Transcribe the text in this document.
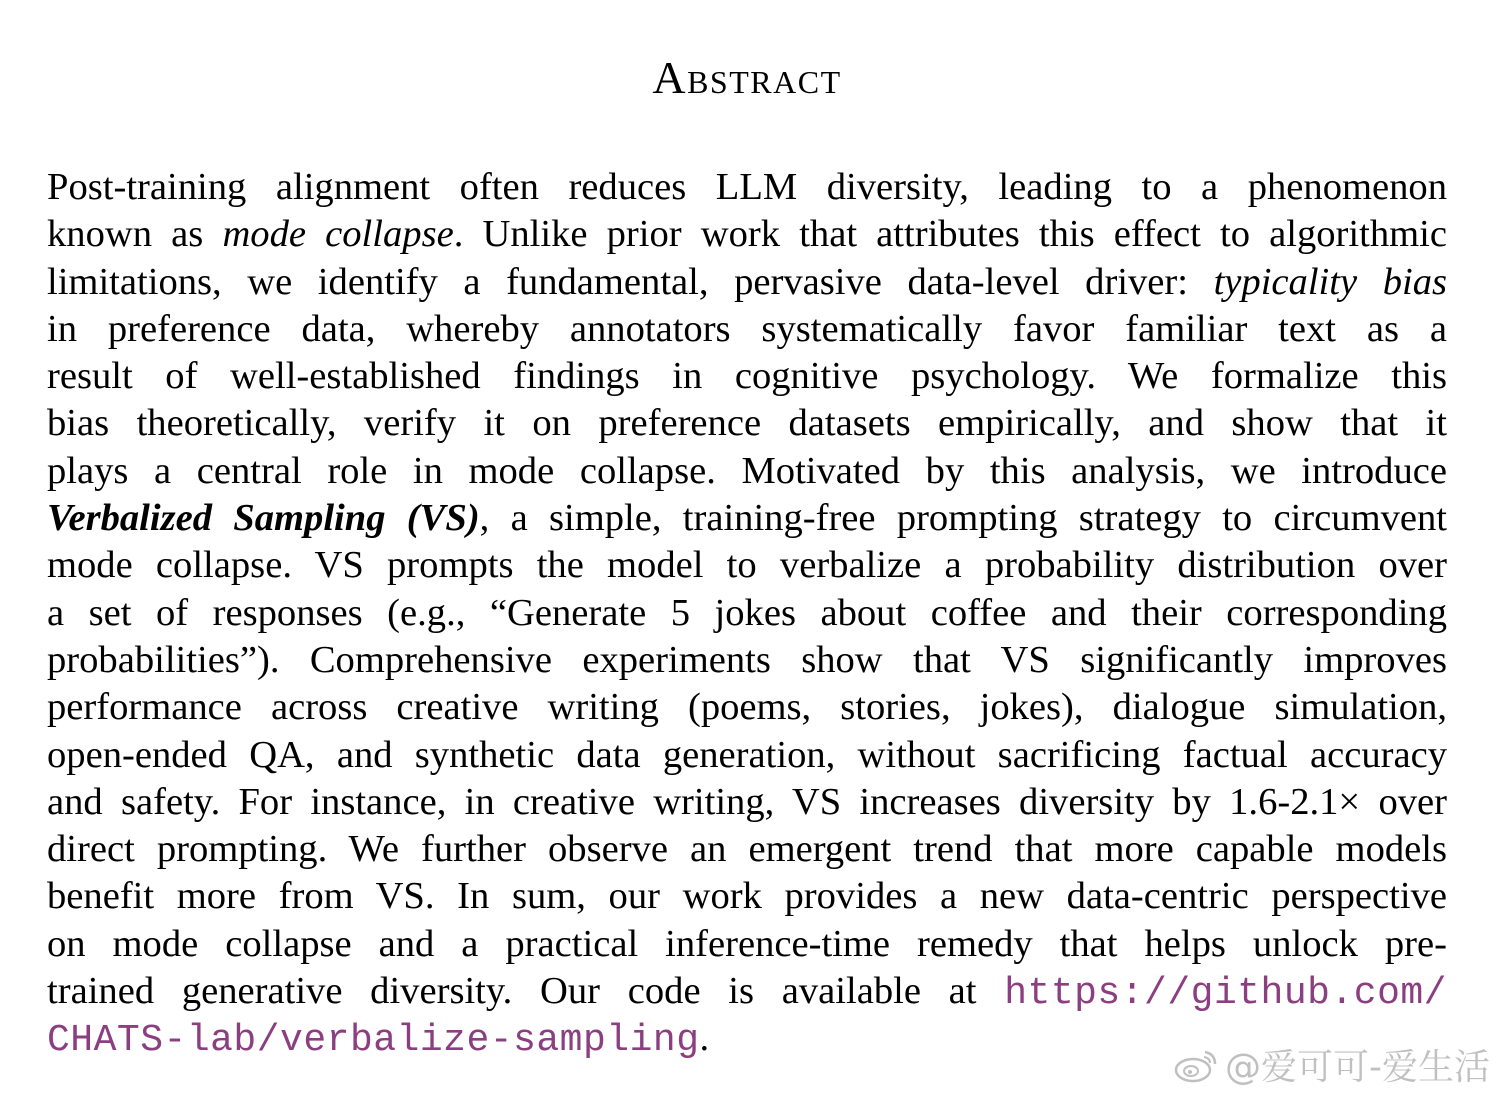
Abstract
Post-training alignment often reduces LLM diversity, leading to a phenomenon
known as mode collapse. Unlike prior work that attributes this effect to algorithmic
limitations, we identify a fundamental, pervasive data-level driver: typicality bias
in preference data, whereby annotators systematically favor familiar text as a
result of well-established findings in cognitive psychology. We formalize this
bias theoretically, verify it on preference datasets empirically, and show that it
plays a central role in mode collapse. Motivated by this analysis, we introduce
Verbalized Sampling (VS), a simple, training-free prompting strategy to circumvent
mode collapse. VS prompts the model to verbalize a probability distribution over
a set of responses (e.g., “Generate 5 jokes about coffee and their corresponding
probabilities”). Comprehensive experiments show that VS significantly improves
performance across creative writing (poems, stories, jokes), dialogue simulation,
open-ended QA, and synthetic data generation, without sacrificing factual accuracy
and safety. For instance, in creative writing, VS increases diversity by 1.6-2.1× over
direct prompting. We further observe an emergent trend that more capable models
benefit more from VS. In sum, our work provides a new data-centric perspective
on mode collapse and a practical inference-time remedy that helps unlock pre-
trained generative diversity. Our code is available at https://github.com/
CHATS-lab/verbalize-sampling.
@爱可可-爱生活
